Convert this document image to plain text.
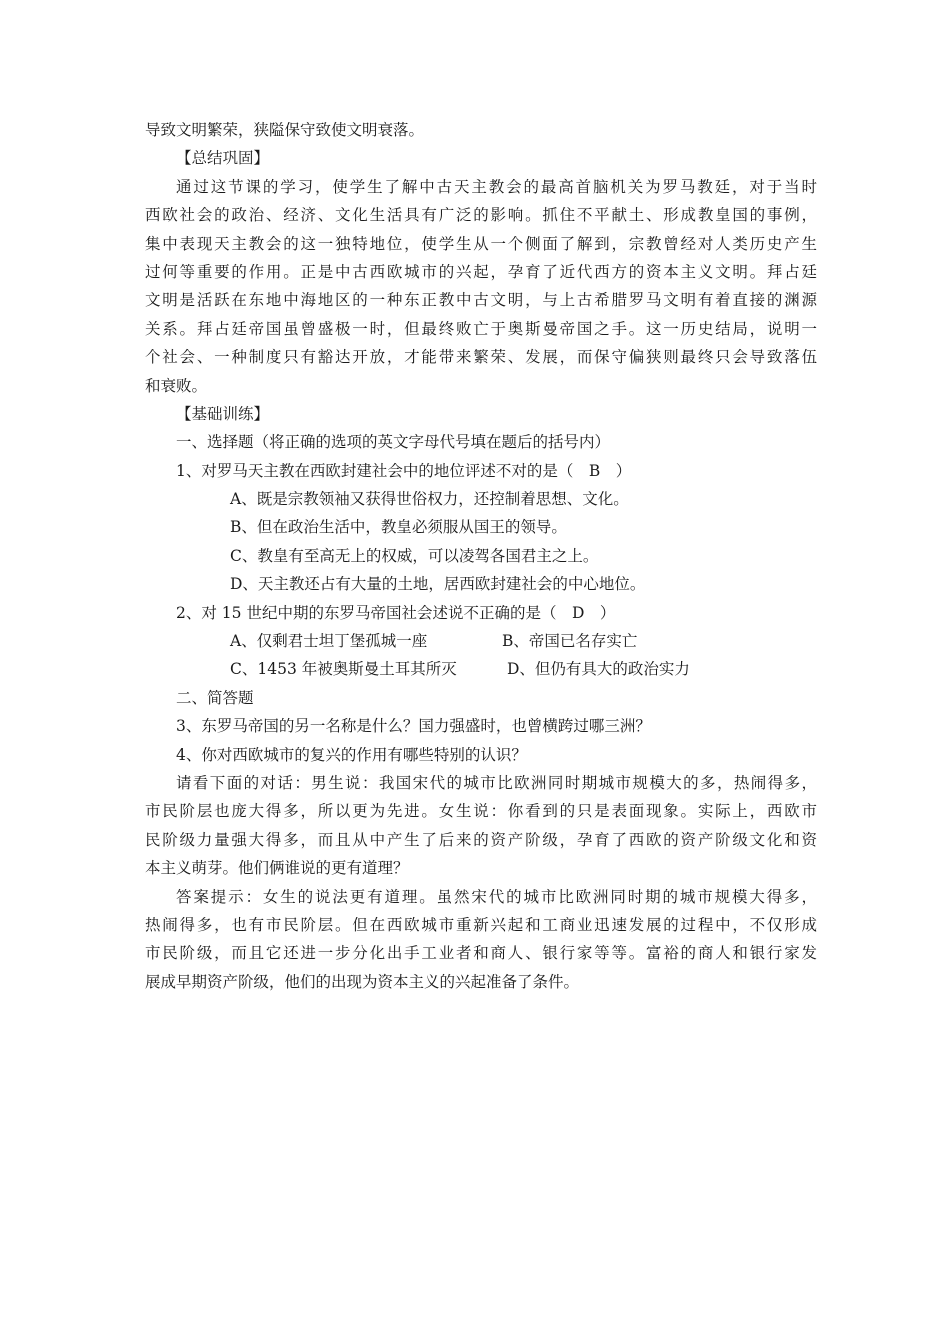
导致文明繁荣，狭隘保守致使文明衰落。
【总结巩固】
通过这节课的学习，使学生了解中古天主教会的最高首脑机关为罗马教廷，对于当时
西欧社会的政治、经济、文化生活具有广泛的影响。抓住不平献土、形成教皇国的事例，
集中表现天主教会的这一独特地位，使学生从一个侧面了解到，宗教曾经对人类历史产生
过何等重要的作用。正是中古西欧城市的兴起，孕育了近代西方的资本主义文明。拜占廷
文明是活跃在东地中海地区的一种东正教中古文明，与上古希腊罗马文明有着直接的渊源
关系。拜占廷帝国虽曾盛极一时，但最终败亡于奥斯曼帝国之手。这一历史结局，说明一
个社会、一种制度只有豁达开放，才能带来繁荣、发展，而保守偏狭则最终只会导致落伍
和衰败。
【基础训练】
一、选择题（将正确的选项的英文字母代号填在题后的括号内）
1、对罗马天主教在西欧封建社会中的地位评述不对的是（　B　）
A、既是宗教领袖又获得世俗权力，还控制着思想、文化。
B、但在政治生活中，教皇必须服从国王的领导。
C、教皇有至高无上的权威，可以凌驾各国君主之上。
D、天主教还占有大量的土地，居西欧封建社会的中心地位。
2、对 15 世纪中期的东罗马帝国社会述说不正确的是（　D　）
A、仅剩君士坦丁堡孤城一座	B、帝国已名存实亡
C、1453 年被奥斯曼土耳其所灭	D、但仍有具大的政治实力
二、简答题
3、东罗马帝国的另一名称是什么？国力强盛时，也曾横跨过哪三洲？
4、你对西欧城市的复兴的作用有哪些特别的认识？
请看下面的对话：男生说：我国宋代的城市比欧洲同时期城市规模大的多，热闹得多，
市民阶层也庞大得多，所以更为先进。女生说：你看到的只是表面现象。实际上，西欧市
民阶级力量强大得多，而且从中产生了后来的资产阶级，孕育了西欧的资产阶级文化和资
本主义萌芽。他们俩谁说的更有道理？
答案提示：女生的说法更有道理。虽然宋代的城市比欧洲同时期的城市规模大得多，
热闹得多，也有市民阶层。但在西欧城市重新兴起和工商业迅速发展的过程中，不仅形成
市民阶级，而且它还进一步分化出手工业者和商人、银行家等等。富裕的商人和银行家发
展成早期资产阶级，他们的出现为资本主义的兴起准备了条件。
